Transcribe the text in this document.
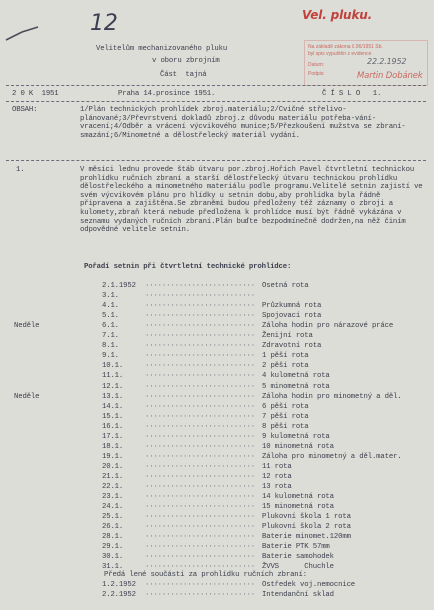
12	Vel. pluku.
Na základě zákona č.96/1951 Sb.
byl spis vypuštěn z evidence
Datum:
Podpis:
22.2.1952
Martin Dobánek
Velitelům mechanizovaného pluku
v oboru zbrojním
Část  tajná
2 0 K  1951	Praha 14.prosince 1951.	Č Í S L O   1.
OBSAH:	1/Plán technických prohlídek zbroj.materiálu;2/Cvičné střelivo-plánované;3/Převrstvení dokladů zbroj.z důvodu materiálu potřeba-vání-vracení;4/Odběr a vrácení výcvikového munice;5/Přezkoušení mužstva se zbraní-smazání;6/Minometné a dělostřelecký materiál vydání.
1.	V měsíci lednu provede štáb útvaru por.zbroj.Hořích Pavel čtvrtletní technickou prohlídku ručních zbraní a starší dělostřelecký útvaru technickou prohlídku dělostřeleckého a minometného materiálu podle programu.Velitelé setnin zajistí ve svém výcvikovém plánu pro hlídky u setnin dobu,aby prohlídka byla řádně připravena a zajištěna.Se zbraněmi budou předloženy též záznamy o zbroji a kulomety,zbraň která nebude předložena k prohlídce musí být řádně vykázána v seznamu vydaných ručních zbraní.Plán buďte bezpodmínečně dodržen,na něž činím odpovědné velitele setnin.
Pořadí setnin při čtvrtletní technické prohlídce:
2.1.1952 ·························· Osetná rota
3.1.	··························
4.1.	·························· Průzkumná rota
5.1.	·························· Spojovací rota
Neděle	6.1.	·························· Záloha hodin pro nárazové práce
7.1.	·························· Ženijní rota
8.1.	·························· Zdravotní rota
9.1.	·························· 1 pěší rota
10.1.	·························· 2 pěší rota
11.1.	·························· 4 kulometná rota
12.1.	·························· 5 minometná rota
Neděle	13.1.	·························· Záloha hodin pro minometný a děl.
14.1.	·························· 6 pěší rota
15.1.	·························· 7 pěší rota
16.1.	·························· 8 pěší rota
17.1.	·························· 9 kulometná rota
18.1.	·························· 10 minometná rota
19.1.	·························· Záloha pro minometný a děl.mater.
20.1.	·························· 11 rota
21.1.	·························· 12 rota
22.1.	·························· 13 rota
23.1.	·························· 14 kulometná rota
24.1.	·························· 15 minometná rota
25.1.	·························· Plukovní škola 1 rota
26.1.	·························· Plukovní škola 2 rota
28.1.	·························· Baterie minomet.120mm
29.1.	·························· Baterie PTK 57mm
30.1.	·························· Baterie samohodek
31.1.	·························· ŽVVS      Chuchle
Předá lené součásti za prohlídku ručních zbraní:
1.2.1952 ·························· Ostředek voj.nemocnice
2.2.1952 ·························· Intendanční sklad
